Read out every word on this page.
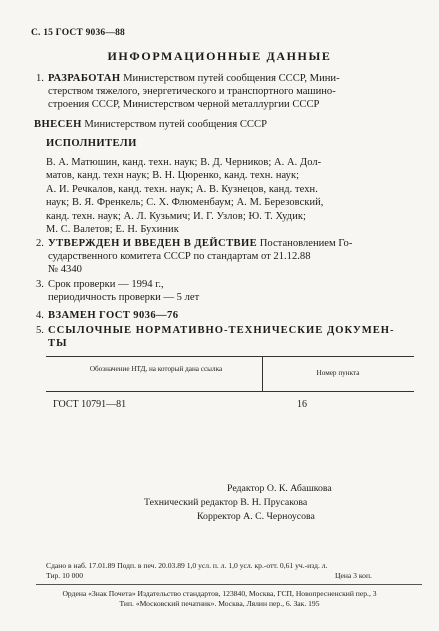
С. 15 ГОСТ 9036—88
ИНФОРМАЦИОННЫЕ ДАННЫЕ
1. РАЗРАБОТАН Министерством путей сообщения СССР, Мини-
стерством тяжелого, энергетического и транспортного машино-
строения СССР, Министерством черной металлургии СССР
ВНЕСЕН Министерством путей сообщения СССР
ИСПОЛНИТЕЛИ
В. А. Матюшин, канд. техн. наук; В. Д. Черников; А. А. Дол-
матов, канд. техн наук; В. Н. Цюренко, канд. техн. наук;
А. И. Речкалов, канд. техн. наук; А. В. Кузнецов, канд. техн.
наук; В. Я. Френкель; С. Х. Флюменбаум; А. М. Березовский,
канд. техн. наук; А. Л. Кузьмич; И. Г. Узлов; Ю. Т. Худик;
М. С. Валетов; Е. Н. Бухиник
2. УТВЕРЖДЕН И ВВЕДЕН В ДЕЙСТВИЕ Постановлением Го-
сударственного комитета СССР по стандартам от 21.12.88
№ 4340
3. Срок проверки — 1994 г.,
периодичность проверки — 5 лет
4. ВЗАМЕН ГОСТ 9036—76
5. ССЫЛОЧНЫЕ НОРМАТИВНО-ТЕХНИЧЕСКИЕ ДОКУМЕН-
ТЫ
Обозначение НТД, на который дана ссылка	Номер пункта
ГОСТ 10791—81	16
Редактор О. К. Абашкова
Технический редактор В. Н. Прусакова
Корректор А. С. Черноусова
Сдано в наб. 17.01.89 Подп. в печ. 20.03.89 1,0 усл. п. л. 1,0 усл. кр.-отт. 0,61 уч.-изд. л.
Тир. 10 000	Цена 3 коп.
Ордена «Знак Почета» Издательство стандартов, 123840, Москва, ГСП, Новопресненский пер., 3
Тип. «Московский печатник». Москва, Лялин пер., 6. Зак. 195
